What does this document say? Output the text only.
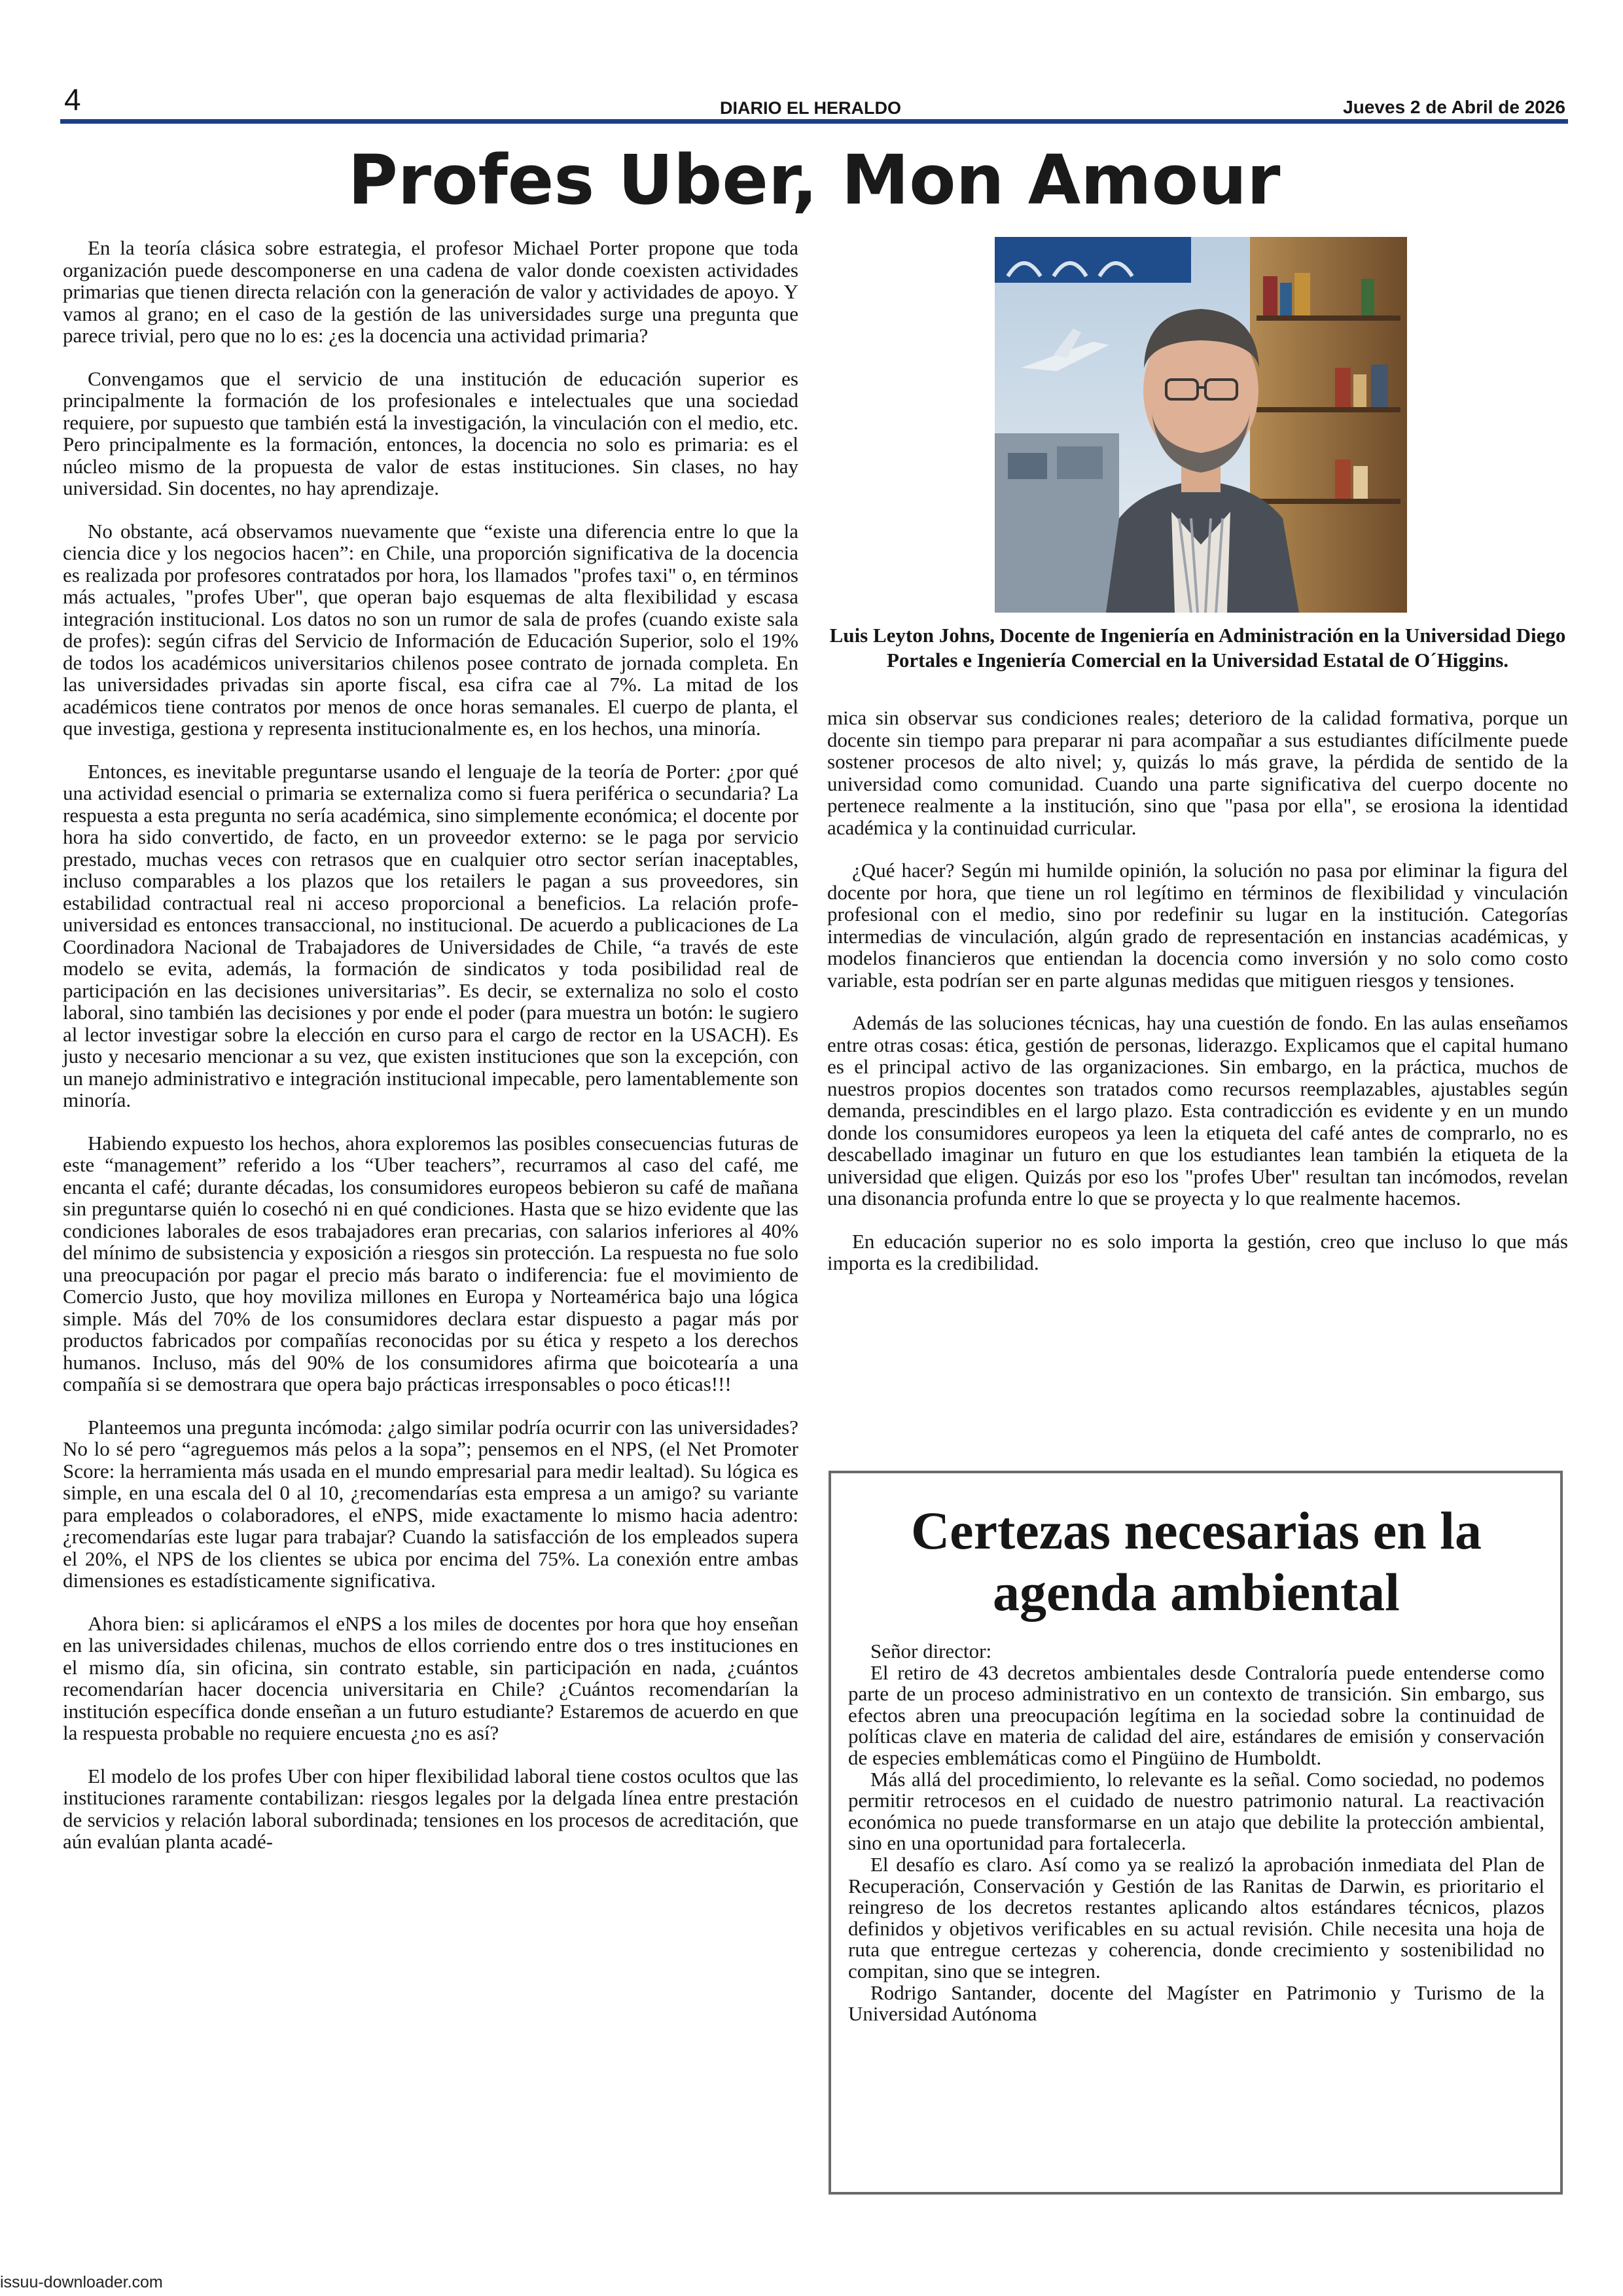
4	DIARIO EL HERALDO	Jueves 2 de Abril de 2026
Profes Uber, Mon Amour

En la teoría clásica sobre estrategia, el profesor Michael Porter propone que toda organización puede descomponerse en una cadena de valor donde coexisten actividades primarias que tienen directa relación con la generación de valor y actividades de apoyo. Y vamos al grano; en el caso de la gestión de las universidades surge una pregunta que parece trivial, pero que no lo es: ¿es la docencia una actividad primaria?

Convengamos que el servicio de una institución de educación superior es principalmente la formación de los profesionales e intelectuales que una sociedad requiere, por supuesto que también está la investigación, la vinculación con el medio, etc. Pero principalmente es la formación, entonces, la docencia no solo es primaria: es el núcleo mismo de la propuesta de valor de estas instituciones. Sin clases, no hay universidad. Sin docentes, no hay aprendizaje.

No obstante, acá observamos nuevamente que “existe una diferencia entre lo que la ciencia dice y los negocios hacen”: en Chile, una proporción significativa de la docencia es realizada por profesores contratados por hora, los llamados "profes taxi" o, en términos más actuales, "profes Uber", que operan bajo esquemas de alta flexibilidad y escasa integración institucional. Los datos no son un rumor de sala de profes (cuando existe sala de profes): según cifras del Servicio de Información de Educación Superior, solo el 19% de todos los académicos universitarios chilenos posee contrato de jornada completa. En las universidades privadas sin aporte fiscal, esa cifra cae al 7%. La mitad de los académicos tiene contratos por menos de once horas semanales. El cuerpo de planta, el que investiga, gestiona y representa institucionalmente es, en los hechos, una minoría.

Entonces, es inevitable preguntarse usando el lenguaje de la teoría de Porter: ¿por qué una actividad esencial o primaria se externaliza como si fuera periférica o secundaria? La respuesta a esta pregunta no sería académica, sino simplemente económica; el docente por hora ha sido convertido, de facto, en un proveedor externo: se le paga por servicio prestado, muchas veces con retrasos que en cualquier otro sector serían inaceptables, incluso comparables a los plazos que los retailers le pagan a sus proveedores, sin estabilidad contractual real ni acceso proporcional a beneficios. La relación profe-universidad es entonces transaccional, no institucional. De acuerdo a publicaciones de La Coordinadora Nacional de Trabajadores de Universidades de Chile, “a través de este modelo se evita, además, la formación de sindicatos y toda posibilidad real de participación en las decisiones universitarias”. Es decir, se externaliza no solo el costo laboral, sino también las decisiones y por ende el poder (para muestra un botón: le sugiero al lector investigar sobre la elección en curso para el cargo de rector en la USACH). Es justo y necesario mencionar a su vez, que existen instituciones que son la excepción, con un manejo administrativo e integración institucional impecable, pero lamentablemente son minoría.

Habiendo expuesto los hechos, ahora exploremos las posibles consecuencias futuras de este “management” referido a los “Uber teachers”, recurramos al caso del café, me encanta el café; durante décadas, los consumidores europeos bebieron su café de mañana sin preguntarse quién lo cosechó ni en qué condiciones. Hasta que se hizo evidente que las condiciones laborales de esos trabajadores eran precarias, con salarios inferiores al 40% del mínimo de subsistencia y exposición a riesgos sin protección. La respuesta no fue solo una preocupación por pagar el precio más barato o indiferencia: fue el movimiento de Comercio Justo, que hoy moviliza millones en Europa y Norteamérica bajo una lógica simple. Más del 70% de los consumidores declara estar dispuesto a pagar más por productos fabricados por compañías reconocidas por su ética y respeto a los derechos humanos. Incluso, más del 90% de los consumidores afirma que boicotearía a una compañía si se demostrara que opera bajo prácticas irresponsables o poco éticas!!!

Planteemos una pregunta incómoda: ¿algo similar podría ocurrir con las universidades? No lo sé pero “agreguemos más pelos a la sopa”; pensemos en el NPS, (el Net Promoter Score: la herramienta más usada en el mundo empresarial para medir lealtad). Su lógica es simple, en una escala del 0 al 10, ¿recomendarías esta empresa a un amigo? su variante para empleados o colaboradores, el eNPS, mide exactamente lo mismo hacia adentro: ¿recomendarías este lugar para trabajar? Cuando la satisfacción de los empleados supera el 20%, el NPS de los clientes se ubica por encima del 75%. La conexión entre ambas dimensiones es estadísticamente significativa.

Ahora bien: si aplicáramos el eNPS a los miles de docentes por hora que hoy enseñan en las universidades chilenas, muchos de ellos corriendo entre dos o tres instituciones en el mismo día, sin oficina, sin contrato estable, sin participación en nada, ¿cuántos recomendarían hacer docencia universitaria en Chile? ¿Cuántos recomendarían la institución específica donde enseñan a un futuro estudiante? Estaremos de acuerdo en que la respuesta probable no requiere encuesta ¿no es así?

El modelo de los profes Uber con hiper flexibilidad laboral tiene costos ocultos que las instituciones raramente contabilizan: riesgos legales por la delgada línea entre prestación de servicios y relación laboral subordinada; tensiones en los procesos de acreditación, que aún evalúan planta acadé-

Luis Leyton Johns, Docente de Ingeniería en Administración en la Universidad Diego Portales e Ingeniería Comercial en la Universidad Estatal de O´Higgins.

mica sin observar sus condiciones reales; deterioro de la calidad formativa, porque un docente sin tiempo para preparar ni para acompañar a sus estudiantes difícilmente puede sostener procesos de alto nivel; y, quizás lo más grave, la pérdida de sentido de la universidad como comunidad. Cuando una parte significativa del cuerpo docente no pertenece realmente a la institución, sino que "pasa por ella", se erosiona la identidad académica y la continuidad curricular.

¿Qué hacer? Según mi humilde opinión, la solución no pasa por eliminar la figura del docente por hora, que tiene un rol legítimo en términos de flexibilidad y vinculación profesional con el medio, sino por redefinir su lugar en la institución. Categorías intermedias de vinculación, algún grado de representación en instancias académicas, y modelos financieros que entiendan la docencia como inversión y no solo como costo variable, esta podrían ser en parte algunas medidas que mitiguen riesgos y tensiones.

Además de las soluciones técnicas, hay una cuestión de fondo. En las aulas enseñamos entre otras cosas: ética, gestión de personas, liderazgo. Explicamos que el capital humano es el principal activo de las organizaciones. Sin embargo, en la práctica, muchos de nuestros propios docentes son tratados como recursos reemplazables, ajustables según demanda, prescindibles en el largo plazo. Esta contradicción es evidente y en un mundo donde los consumidores europeos ya leen la etiqueta del café antes de comprarlo, no es descabellado imaginar un futuro en que los estudiantes lean también la etiqueta de la universidad que eligen. Quizás por eso los "profes Uber" resultan tan incómodos, revelan una disonancia profunda entre lo que se proyecta y lo que realmente hacemos.

En educación superior no es solo importa la gestión, creo que incluso lo que más importa es la credibilidad.

Certezas necesarias en la agenda ambiental

Señor director:

El retiro de 43 decretos ambientales desde Contraloría puede entenderse como parte de un proceso administrativo en un contexto de transición. Sin embargo, sus efectos abren una preocupación legítima en la sociedad sobre la continuidad de políticas clave en materia de calidad del aire, estándares de emisión y conservación de especies emblemáticas como el Pingüino de Humboldt.

Más allá del procedimiento, lo relevante es la señal. Como sociedad, no podemos permitir retrocesos en el cuidado de nuestro patrimonio natural. La reactivación económica no puede transformarse en un atajo que debilite la protección ambiental, sino en una oportunidad para fortalecerla.

El desafío es claro. Así como ya se realizó la aprobación inmediata del Plan de Recuperación, Conservación y Gestión de las Ranitas de Darwin, es prioritario el reingreso de los decretos restantes aplicando altos estándares técnicos, plazos definidos y objetivos verificables en su actual revisión. Chile necesita una hoja de ruta que entregue certezas y coherencia, donde crecimiento y sostenibilidad no compitan, sino que se integren.

Rodrigo Santander, docente del Magíster en Patrimonio y Turismo de la Universidad Autónoma

issuu-downloader.com
